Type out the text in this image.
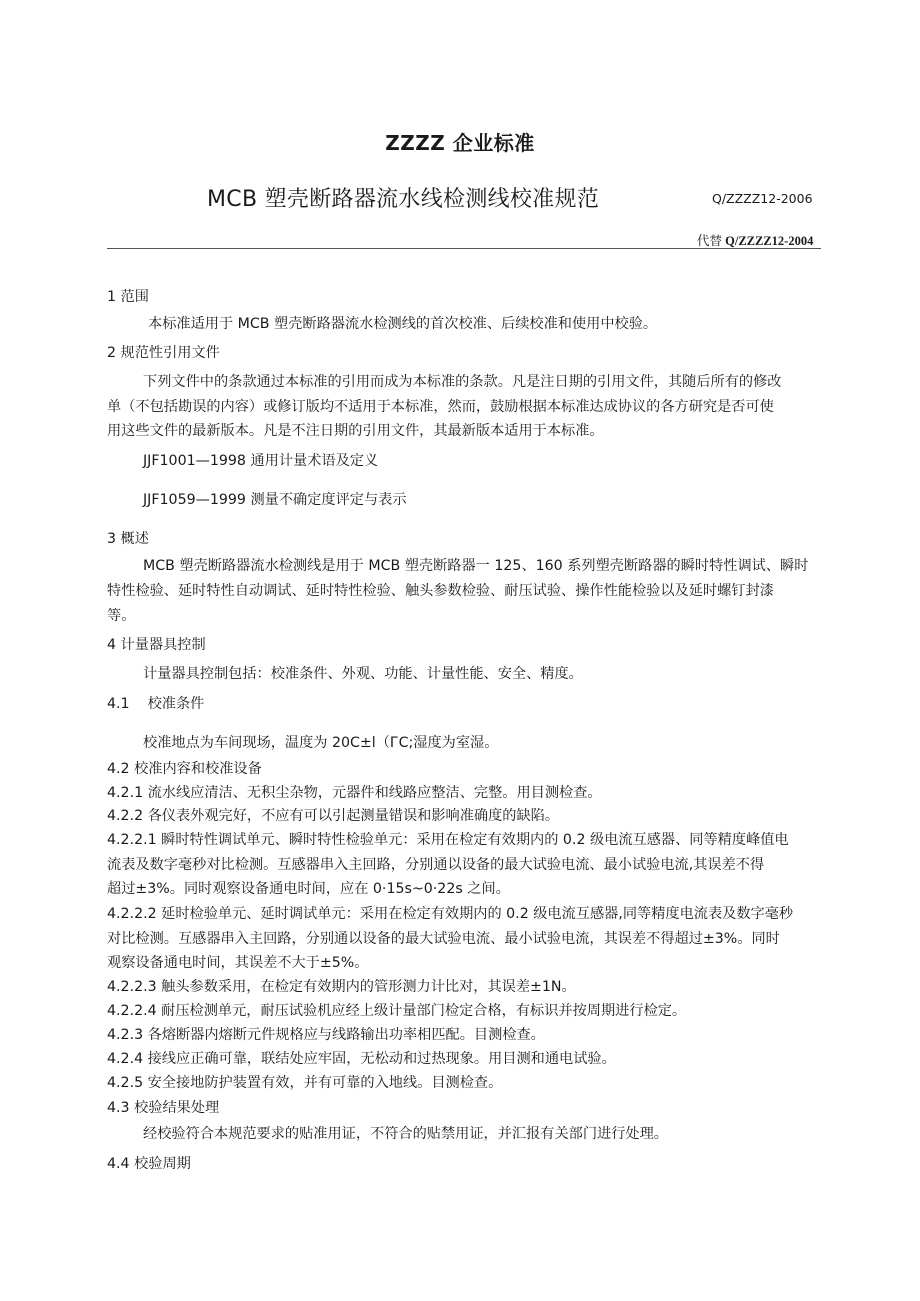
ZZZZ 企业标准
MCB 塑壳断路器流水线检测线校准规范	Q/ZZZZ12-2006
代替 Q/ZZZZ12-2004
1 范围
本标准适用于 MCB 塑壳断路器流水检测线的首次校准、后续校准和使用中校验。
2 规范性引用文件
下列文件中的条款通过本标准的引用而成为本标准的条款。凡是注日期的引用文件，其随后所有的修改
单（不包括勘误的内容）或修订版均不适用于本标准，然而，鼓励根据本标准达成协议的各方研究是否可使
用这些文件的最新版本。凡是不注日期的引用文件，其最新版本适用于本标准。
JJF1001—1998 通用计量术语及定义
JJF1059—1999 测量不确定度评定与表示
3 概述
MCB 塑壳断路器流水检测线是用于 MCB 塑壳断路器一 125、160 系列塑壳断路器的瞬时特性调试、瞬时
特性检验、延时特性自动调试、延时特性检验、触头参数检验、耐压试验、操作性能检验以及延时螺钉封漆
等。
4 计量器具控制
计量器具控制包括：校准条件、外观、功能、计量性能、安全、精度。
4.1    校准条件
校准地点为车间现场，温度为 20C±l（ГC;湿度为室湿。
4.2 校准内容和校准设备
4.2.1 流水线应清洁、无积尘杂物，元器件和线路应整洁、完整。用目测检查。
4.2.2 各仪表外观完好，不应有可以引起测量错误和影响准确度的缺陷。
4.2.2.1 瞬时特性调试单元、瞬时特性检验单元：采用在检定有效期内的 0.2 级电流互感器、同等精度峰值电
流表及数字毫秒对比检测。互感器串入主回路，分别通以设备的最大试验电流、最小试验电流,其误差不得
超过±3%。同时观察设备通电时间，应在 0·15s~0·22s 之间。
4.2.2.2 延时检验单元、延时调试单元：采用在检定有效期内的 0.2 级电流互感器,同等精度电流表及数字毫秒
对比检测。互感器串入主回路，分别通以设备的最大试验电流、最小试验电流，其误差不得超过±3%。同时
观察设备通电时间，其误差不大于±5%。
4.2.2.3 触头参数采用，在检定有效期内的管形测力计比对，其误差±1N。
4.2.2.4 耐压检测单元，耐压试验机应经上级计量部门检定合格，有标识并按周期进行检定。
4.2.3 各熔断器内熔断元件规格应与线路输出功率相匹配。目测检查。
4.2.4 接线应正确可靠，联结处应牢固，无松动和过热现象。用目测和通电试验。
4.2.5 安全接地防护装置有效，并有可靠的入地线。目测检查。
4.3 校验结果处理
经校验符合本规范要求的贴准用证，不符合的贴禁用证，并汇报有关部门进行处理。
4.4 校验周期
